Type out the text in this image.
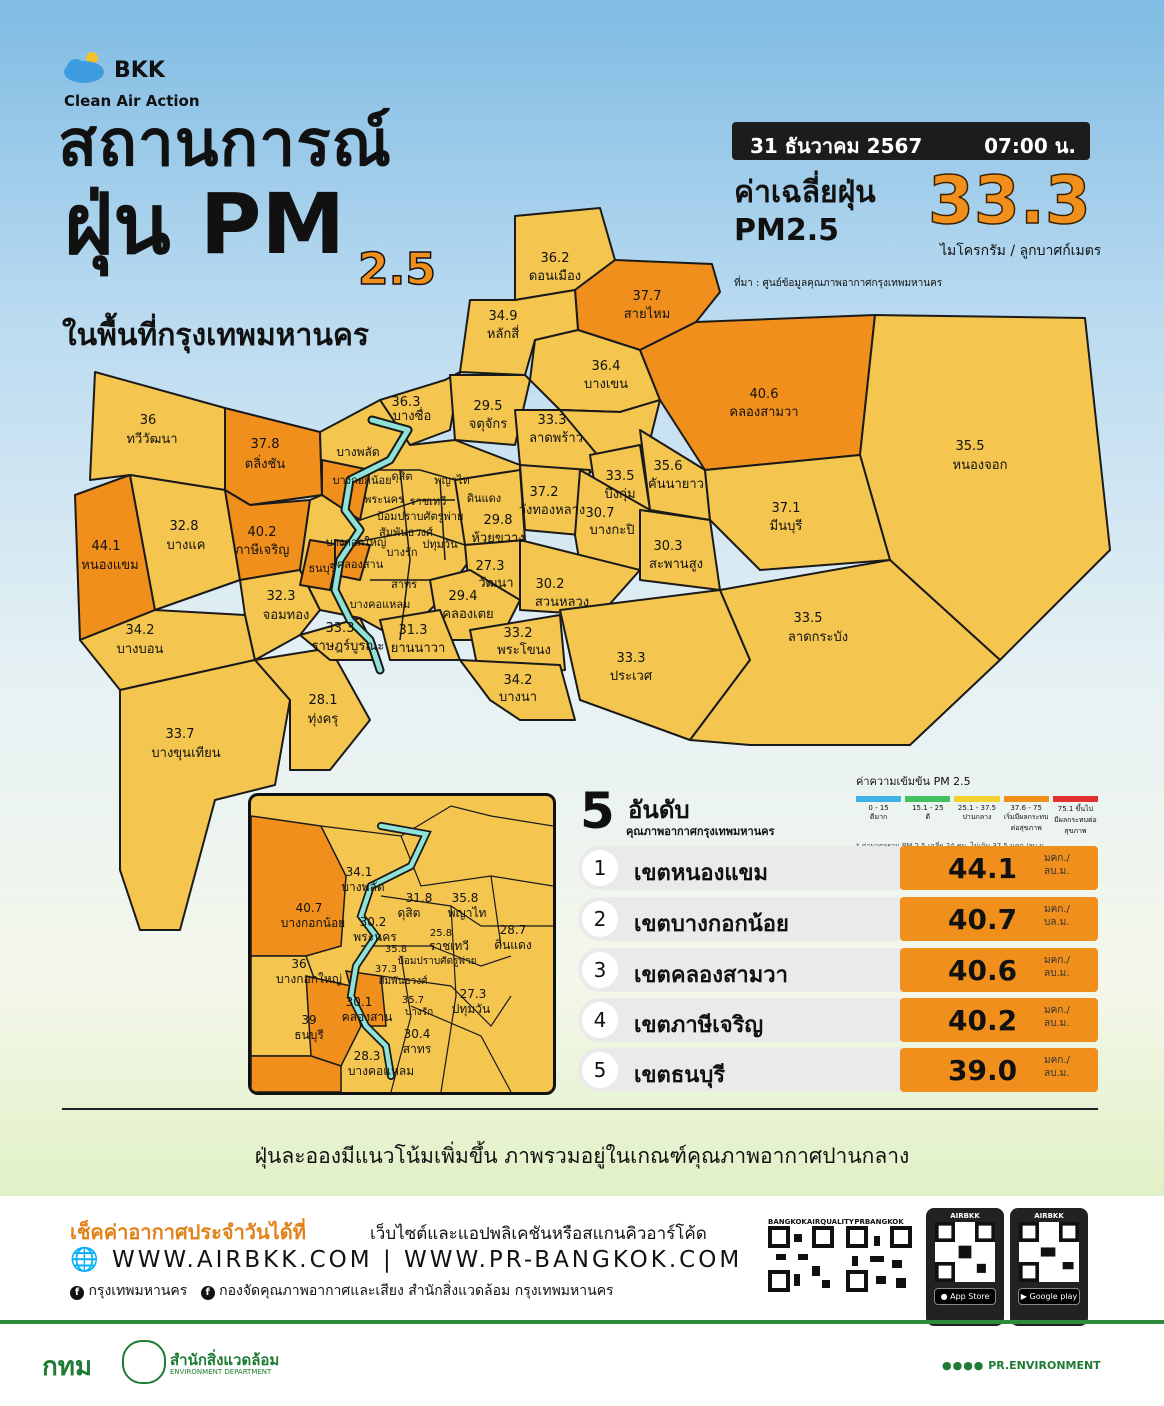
BKK
Clean Air Action
สถานการณ์
ฝุ่น PM 2.5
ในพื้นที่กรุงเทพมหานคร
31 ธันวาคม 2567	07:00 น.
ค่าเฉลี่ยฝุ่น
PM2.5	33.3
ไมโครกรัม / ลูกบาศก์เมตร
ที่มา : ศูนย์ข้อมูลคุณภาพอากาศกรุงเทพมหานคร
36.2
ดอนเมือง
37.7
สายไหม
34.9
หลักสี่
36.4
บางเขน
40.6
คลองสามวา
35.5
หนองจอก
36
ทวีวัฒนา	37.8
ตลิ่งชัน
36.3
บางซื่อ
29.5
จตุจักร 33.3
ลาดพร้าว
33.5
บึงกุ่ม
35.6
คันนายาว
37.1
มีนบุรี
44.1
หนองแขม
32.8
บางแค
40.2
ภาษีเจริญ
37.2
วังทองหลาง
29.8
ห้วยขวาง
30.7
บางกะปิ
30.3
สะพานสูง
27.3
วัฒนา 30.2
สวนหลวง
32.3
จอมทอง
29.4
คลองเตย	33.5
ลาดกระบัง
34.2
บางบอน
33.3
ราษฎร์บูรณะ
31.3
ยานนาวา
33.2
พระโขนง
33.3
ประเวศ
34.2
บางนา
28.1
ทุ่งครุ
33.7
บางขุนเทียน
บางพลัด
ดุสิต พญาไท
บางกอกน้อย
พระนคร ราชเทวี ดินแดง
ป้อมปราบศัตรูพ่าย
สัมพันธวงศ์
ปทุมวัน
บางกอกใหญ่
บางรัก
ธนบุรี คลองสาน
สาทร
บางคอแหลม
34.1
บางพลัด
31.8
ดุสิต
35.8
พญาไท
40.7
บางกอกน้อย	28.7
ดินแดง
30.2
พระนคร	25.8
ราชเทวี
35.8
ป้อมปราบศัตรูพ่าย
36
บางกอกใหญ่
37.3
สัมพันธวงศ์
27.3
ปทุมวัน
39
ธนบุรี
30.1
คลองสาน
35.7
บางรัก
30.4
สาทร
28.3
บางคอแหลม
5 อันดับ
คุณภาพอากาศกรุงเทพมหานคร
ค่าความเข้มข้น PM 2.5
0 - 15
ดีมาก
15.1 - 25
ดี
25.1 - 37.5
ปานกลาง
37.6 - 75
เริ่มมีผลกระทบต่อสุขภาพ
75.1 ขึ้นไป
มีผลกระทบต่อสุขภาพ
1	เขตหนองแขม	44.1	มคก./ ลบ.ม.
2	เขตบางกอกน้อย	40.7	มคก./ บล.ม.
3	เขตคลองสามวา	40.6	มคก./ ลบ.ม.
4	เขตภาษีเจริญ	40.2	มคก./ ลบ.ม.
5	เขตธนบุรี	39.0	มคก./ ลบ.ม.
ฝุ่นละอองมีแนวโน้มเพิ่มขึ้น ภาพรวมอยู่ในเกณฑ์คุณภาพอากาศปานกลาง
เช็คค่าอากาศประจำวันได้ที่	เว็บไซต์และแอปพลิเคชันหรือสแกนคิวอาร์โค้ด
🌐 WWW.AIRBKK.COM | WWW.PR-BANGKOK.COM
f กรุงเทพมหานคร f กองจัดคุณภาพอากาศและเสียง สำนักสิ่งแวดล้อม กรุงเทพมหานคร
BANGKOKAIRQUALITY PRBANGKOK
AIRBKK
● App Store
AIRBKK
▶ Google play
กทม	สำนักสิ่งแวดล้อม
ENVIRONMENT DEPARTMENT	●●●● PR.ENVIRONMENT
